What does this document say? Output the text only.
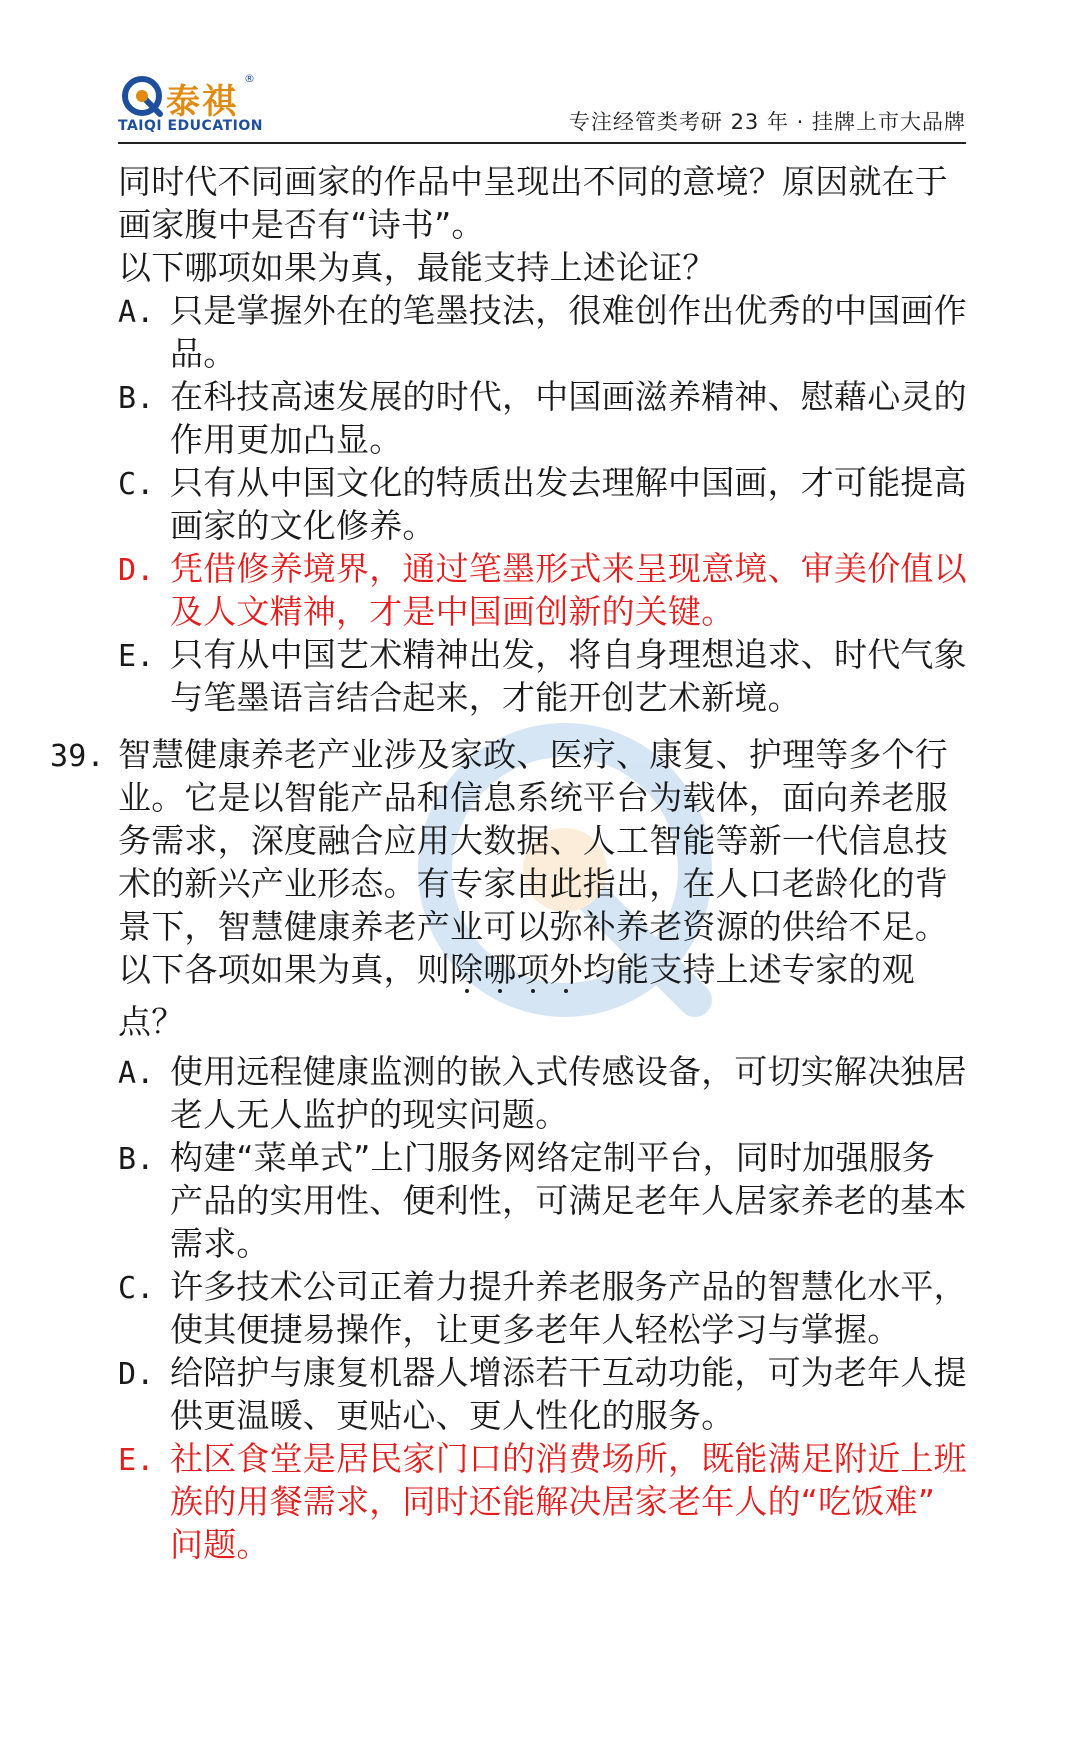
泰祺
®
TAIQI EDUCATION	专注经管类考研 23 年 · 挂牌上市大品牌
同时代不同画家的作品中呈现出不同的意境？原因就在于
画家腹中是否有“诗书”。
以下哪项如果为真，最能支持上述论证？
A. 只是掌握外在的笔墨技法，很难创作出优秀的中国画作
品。
B. 在科技高速发展的时代，中国画滋养精神、慰藉心灵的
作用更加凸显。
C. 只有从中国文化的特质出发去理解中国画，才可能提高
画家的文化修养。
D. 凭借修养境界，通过笔墨形式来呈现意境、审美价值以
及人文精神，才是中国画创新的关键。
E. 只有从中国艺术精神出发，将自身理想追求、时代气象
与笔墨语言结合起来，才能开创艺术新境。
39. 智慧健康养老产业涉及家政、医疗、康复、护理等多个行
业。它是以智能产品和信息系统平台为载体，面向养老服
务需求，深度融合应用大数据、人工智能等新一代信息技
术的新兴产业形态。有专家由此指出，在人口老龄化的背
景下，智慧健康养老产业可以弥补养老资源的供给不足。
以下各项如果为真，则除哪项外均能支持上述专家的观
点？
A. 使用远程健康监测的嵌入式传感设备，可切实解决独居
老人无人监护的现实问题。
B. 构建“菜单式”上门服务网络定制平台，同时加强服务
产品的实用性、便利性，可满足老年人居家养老的基本
需求。
C. 许多技术公司正着力提升养老服务产品的智慧化水平，
使其便捷易操作，让更多老年人轻松学习与掌握。
D. 给陪护与康复机器人增添若干互动功能，可为老年人提
供更温暖、更贴心、更人性化的服务。
E. 社区食堂是居民家门口的消费场所，既能满足附近上班
族的用餐需求，同时还能解决居家老年人的“吃饭难”
问题。
